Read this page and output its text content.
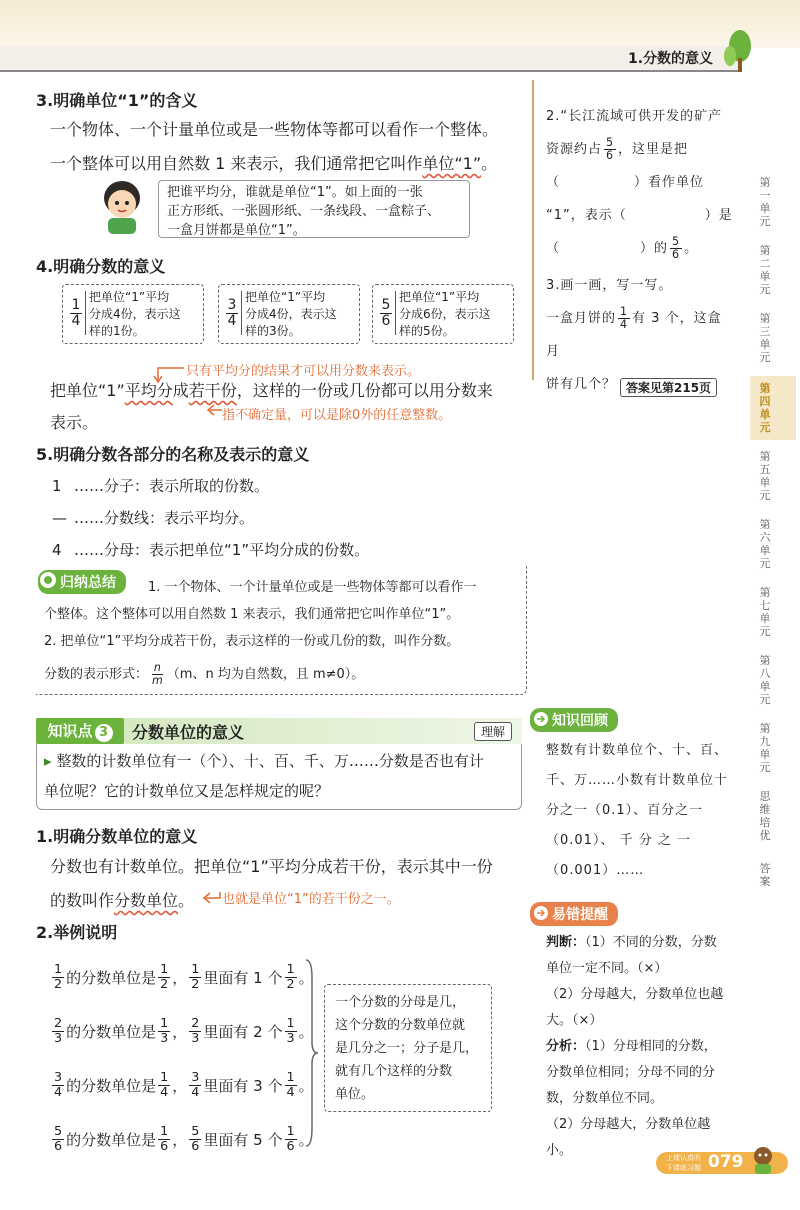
1.分数的意义
3.明确单位“1”的含义
一个物体、一个计量单位或是一些物体等都可以看作一个整体。
一个整体可以用自然数 1 来表示，我们通常把它叫作单位“1”。
把谁平均分，谁就是单位“1”。如上面的一张
正方形纸、一张圆形纸、一条线段、一盒粽子、
一盒月饼都是单位“1”。
4.明确分数的意义
$\frac{1}{4}$
把单位“1”平均
分成4份，表示这
样的1份。
$\frac{3}{4}$
把单位“1”平均
分成4份，表示这
样的3份。
$\frac{5}{6}$
把单位“1”平均
分成6份，表示这
样的5份。
只有平均分的结果才可以用分数来表示。
把单位“1”平均分成若干份，这样的一份或几份都可以用分数来
表示。	指不确定量，可以是除0外的任意整数。
5.明确分数各部分的名称及表示的意义
1 ……分子：表示所取的份数。
— ……分数线：表示平均分。
4 ……分母：表示把单位“1”平均分成的份数。
归纳总结	1. 一个物体、一个计量单位或是一些物体等都可以看作一
个整体。这个整体可以用自然数 1 来表示，我们通常把它叫作单位“1”。
2. 把单位“1”平均分成若干份，表示这样的一份或几份的数，叫作分数。
分数的表示形式： $\frac{n}{m} (m$、n 均为自然数，且 m≠0）。
知识点 3	分数单位的意义	理解
▸ 整数的计数单位有一（个）、十、百、千、万……分数是否也有计
单位呢？它的计数单位又是怎样规定的呢？
1.明确分数单位的意义
分数也有计数单位。把单位“1”平均分成若干份，表示其中一份
的数叫作分数单位。	也就是单位“1”的若干份之一。
2.举例说明
$\frac{1}{2}$ 的分数单位是 $\frac{1}{2}$ ， $\frac{1}{2}$ 里面有 1 个 $\frac{1}{2}$ 。
$\frac{2}{3}$ 的分数单位是 $\frac{1}{3}$ ， $\frac{2}{3}$ 里面有 2 个 $\frac{1}{3}$ 。
$\frac{3}{4}$ 的分数单位是 $\frac{1}{4}$ ， $\frac{3}{4}$ 里面有 3 个 $\frac{1}{4}$ 。
$\frac{5}{6}$ 的分数单位是 $\frac{1}{6}$ ， $\frac{5}{6}$ 里面有 5 个 $\frac{1}{6}$ 。
一个分数的分母是几，
这个分数的分数单位就
是几分之一；分子是几，
就有几个这样的分数
单位。
2.“长江流域可供开发的矿产
资源约占 $\frac{5}{6}$ ，这里是把
（	）看作单位
“1”，表示（	）是
（	）的 $\frac{5}{6}$ 。
3.画一画，写一写。
一盒月饼的 $\frac{1}{4}$ 有 3 个，这盒月
饼有几个？ 答案见第215页
知识回顾
整数有计数单位个、十、百、
千、万……小数有计数单位十
分之一（0.1）、百分之一
（0.01）、 千 分 之 一
（0.001）……
易错提醒
判断：（1）不同的分数，分数
单位一定不同。（×）
（2）分母越大，分数单位也越
大。（×）
分析：（1）分母相同的分数，
分数单位相同；分母不同的分
数，分数单位不同。
（2）分母越大，分数单位越小。
第一单元
第二单元
第三单元
第四单元
第五单元
第六单元
第七单元
第八单元
第九单元
思维培优
答案
上课认真听
下课练习题 079
